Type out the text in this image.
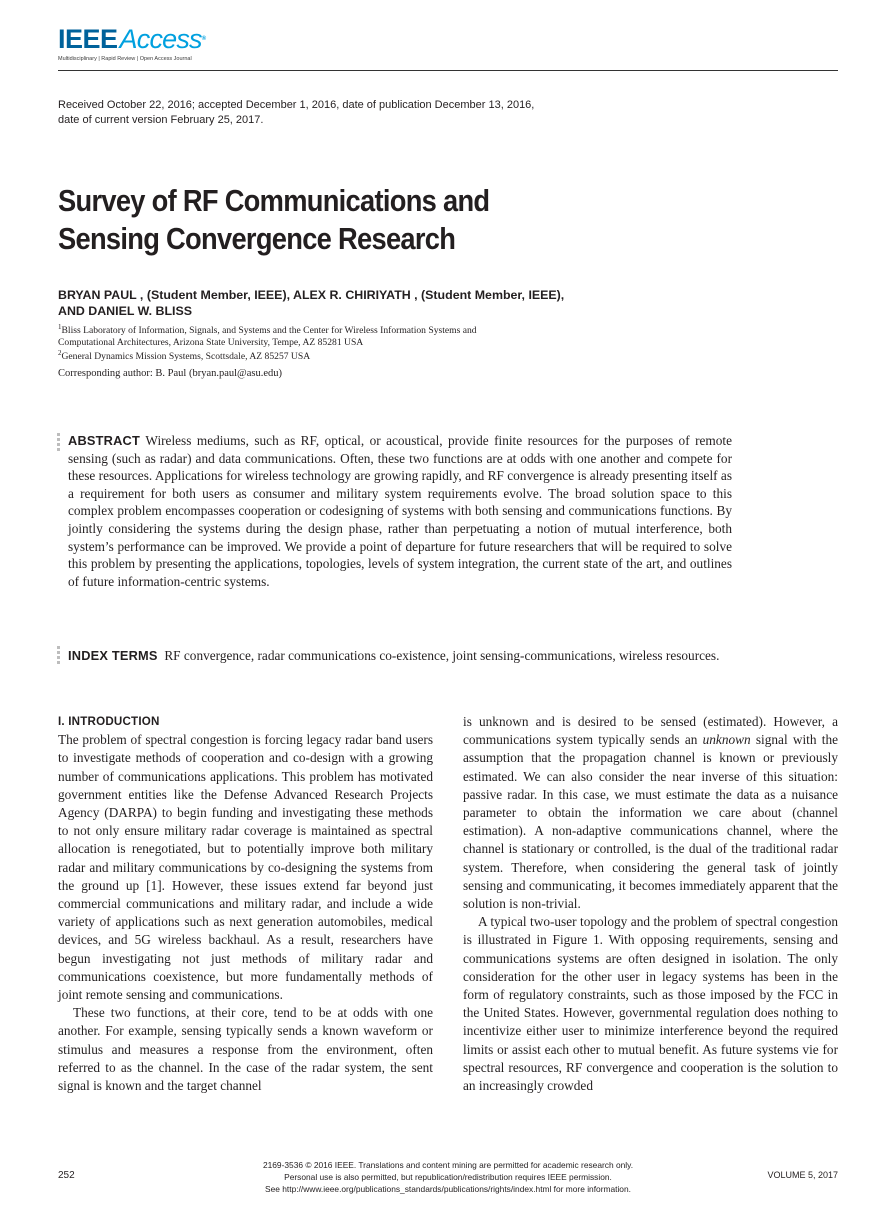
IEEEAccess®
Multidisciplinary | Rapid Review | Open Access Journal
Received October 22, 2016; accepted December 1, 2016, date of publication December 13, 2016,
date of current version February 25, 2017.
Survey of RF Communications and
Sensing Convergence Research
BRYAN PAUL , (Student Member, IEEE), ALEX R. CHIRIYATH , (Student Member, IEEE),
AND DANIEL W. BLISS
$^1$Bliss Laboratory of Information, Signals, and Systems and the Center for Wireless Information Systems and
Computational Architectures, Arizona State University, Tempe, AZ 85281 USA
$^2$General Dynamics Mission Systems, Scottsdale, AZ 85257 USA
Corresponding author: B. Paul (bryan.paul@asu.edu)
ABSTRACT Wireless mediums, such as RF, optical, or acoustical, provide finite resources for the purposes of remote sensing (such as radar) and data communications. Often, these two functions are at odds with one another and compete for these resources. Applications for wireless technology are growing rapidly, and RF convergence is already presenting itself as a requirement for both users as consumer and military system requirements evolve. The broad solution space to this complex problem encompasses cooperation or codesigning of systems with both sensing and communications functions. By jointly considering the systems during the design phase, rather than perpetuating a notion of mutual interference, both system’s performance can be improved. We provide a point of departure for future researchers that will be required to solve this problem by presenting the applications, topologies, levels of system integration, the current state of the art, and outlines of future information-centric systems.
INDEX TERMS RF convergence, radar communications co-existence, joint sensing-communications, wireless resources.
I. INTRODUCTION

The problem of spectral congestion is forcing legacy radar band users to investigate methods of cooperation and co-design with a growing number of communications applications. This problem has motivated government entities like the Defense Advanced Research Projects Agency (DARPA) to begin funding and investigating these methods to not only ensure military radar coverage is maintained as spectral allocation is renegotiated, but to potentially improve both military radar and military communications by co-designing the systems from the ground up [1]. However, these issues extend far beyond just commercial communications and military radar, and include a wide variety of applications such as next generation automobiles, medical devices, and 5G wireless backhaul. As a result, researchers have begun investigating not just methods of military radar and communications coexistence, but more fundamentally methods of joint remote sensing and communications.

These two functions, at their core, tend to be at odds with one another. For example, sensing typically sends a known waveform or stimulus and measures a response from the environment, often referred to as the channel. In the case of the radar system, the sent signal is known and the target channel

is unknown and is desired to be sensed (estimated). However, a communications system typically sends an unknown signal with the assumption that the propagation channel is known or previously estimated. We can also consider the near inverse of this situation: passive radar. In this case, we must estimate the data as a nuisance parameter to obtain the information we care about (channel estimation). A non-adaptive communications channel, where the channel is stationary or controlled, is the dual of the traditional radar system. Therefore, when considering the general task of jointly sensing and communicating, it becomes immediately apparent that the solution is non-trivial.

A typical two-user topology and the problem of spectral congestion is illustrated in Figure 1. With opposing requirements, sensing and communications systems are often designed in isolation. The only consideration for the other user in legacy systems has been in the form of regulatory constraints, such as those imposed by the FCC in the United States. However, governmental regulation does nothing to incentivize either user to minimize interference beyond the required limits or assist each other to mutual benefit. As future systems vie for spectral resources, RF convergence and cooperation is the solution to an increasingly crowded

252	VOLUME 5, 2017
2169-3536 © 2016 IEEE. Translations and content mining are permitted for academic research only.
Personal use is also permitted, but republication/redistribution requires IEEE permission.
See http://www.ieee.org/publications_standards/publications/rights/index.html for more information.
